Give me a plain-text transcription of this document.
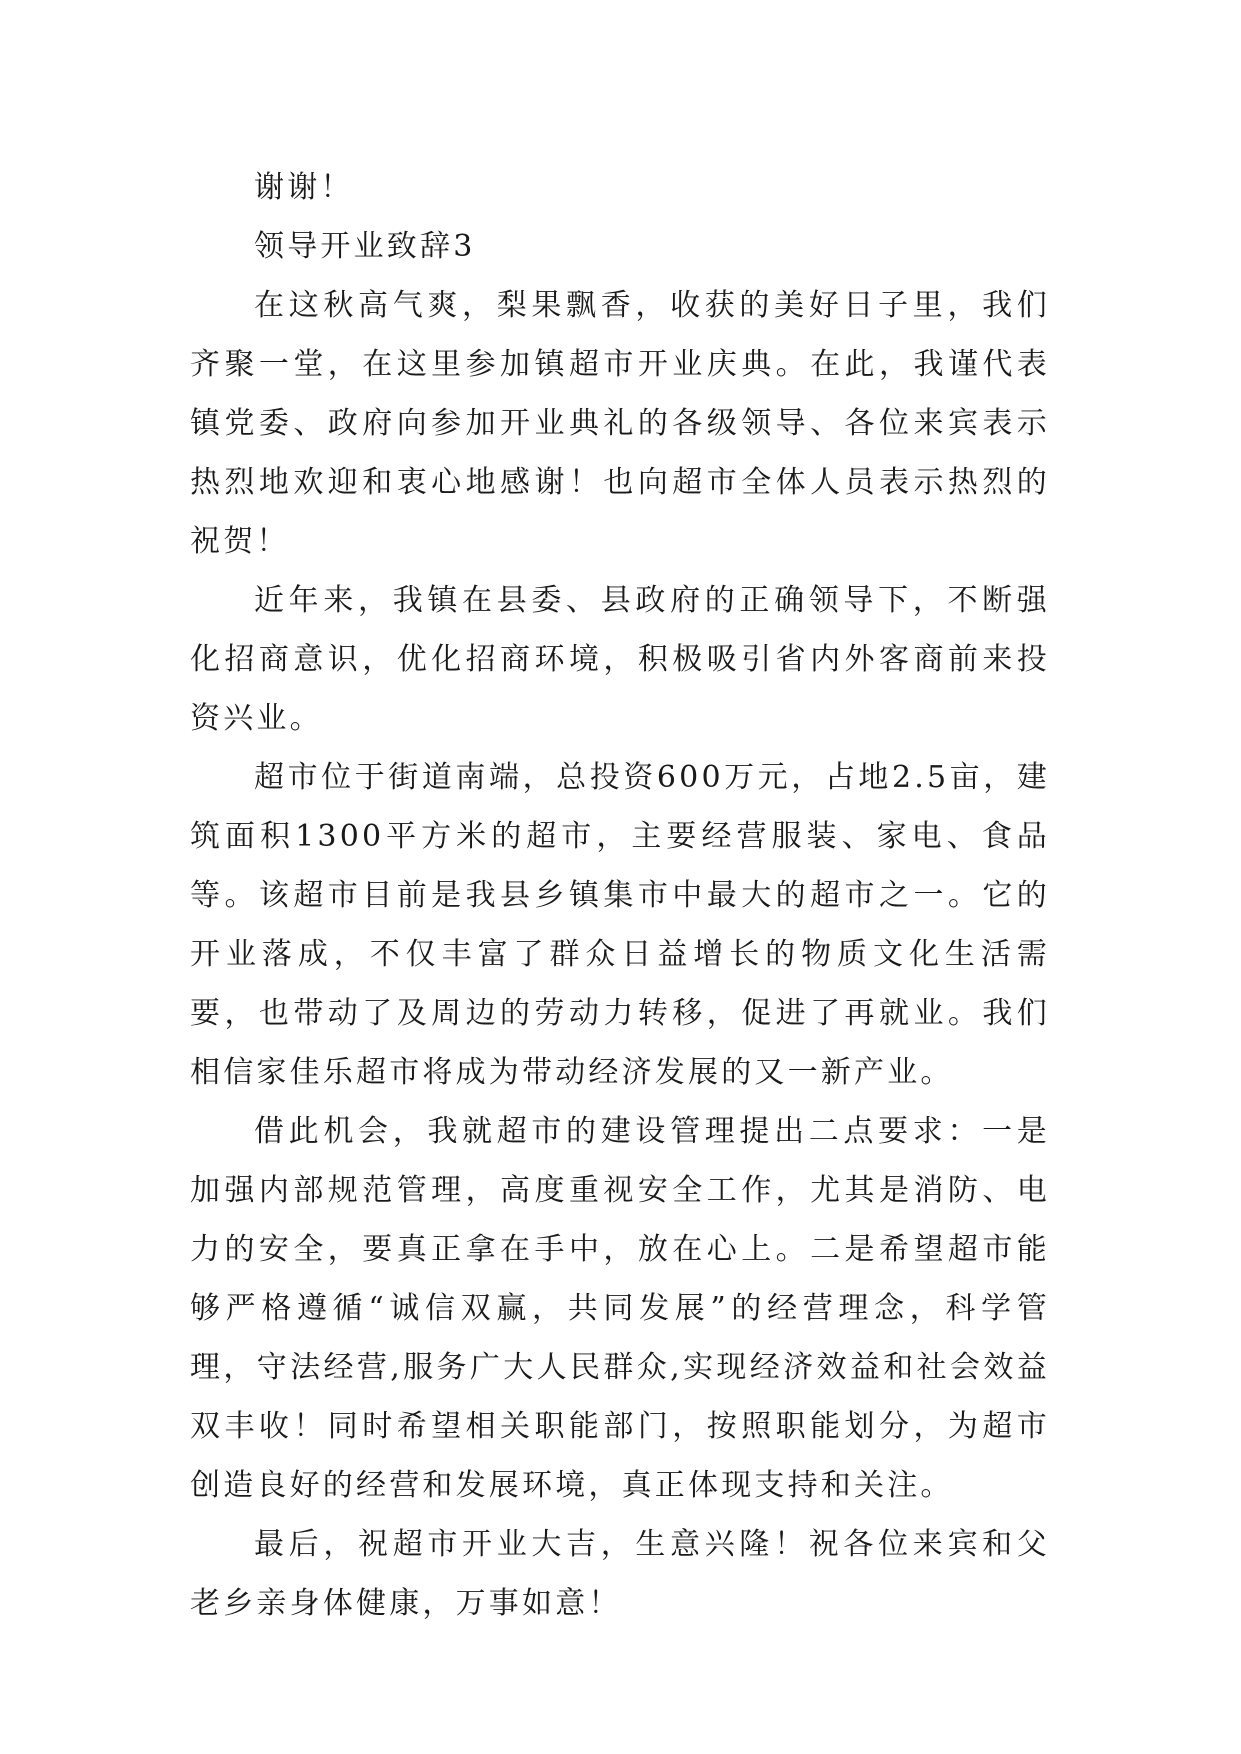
谢谢！

领导开业致辞3

在这秋高气爽，梨果飘香，收获的美好日子里，我们齐聚一堂，在这里参加镇超市开业庆典。在此，我谨代表镇党委、政府向参加开业典礼的各级领导、各位来宾表示热烈地欢迎和衷心地感谢！也向超市全体人员表示热烈的祝贺！

近年来，我镇在县委、县政府的正确领导下，不断强化招商意识，优化招商环境，积极吸引省内外客商前来投资兴业。

超市位于街道南端，总投资600万元，占地2.5亩，建筑面积1300平方米的超市，主要经营服装、家电、食品等。该超市目前是我县乡镇集市中最大的超市之一。它的开业落成，不仅丰富了群众日益增长的物质文化生活需要，也带动了及周边的劳动力转移，促进了再就业。我们相信家佳乐超市将成为带动经济发展的又一新产业。

借此机会，我就超市的建设管理提出二点要求：一是加强内部规范管理，高度重视安全工作，尤其是消防、电力的安全，要真正拿在手中，放在心上。二是希望超市能够严格遵循“诚信双赢，共同发展”的经营理念，科学管理，守法经营,服务广大人民群众,实现经济效益和社会效益双丰收！同时希望相关职能部门，按照职能划分，为超市创造良好的经营和发展环境，真正体现支持和关注。

最后，祝超市开业大吉，生意兴隆！祝各位来宾和父老乡亲身体健康，万事如意！
